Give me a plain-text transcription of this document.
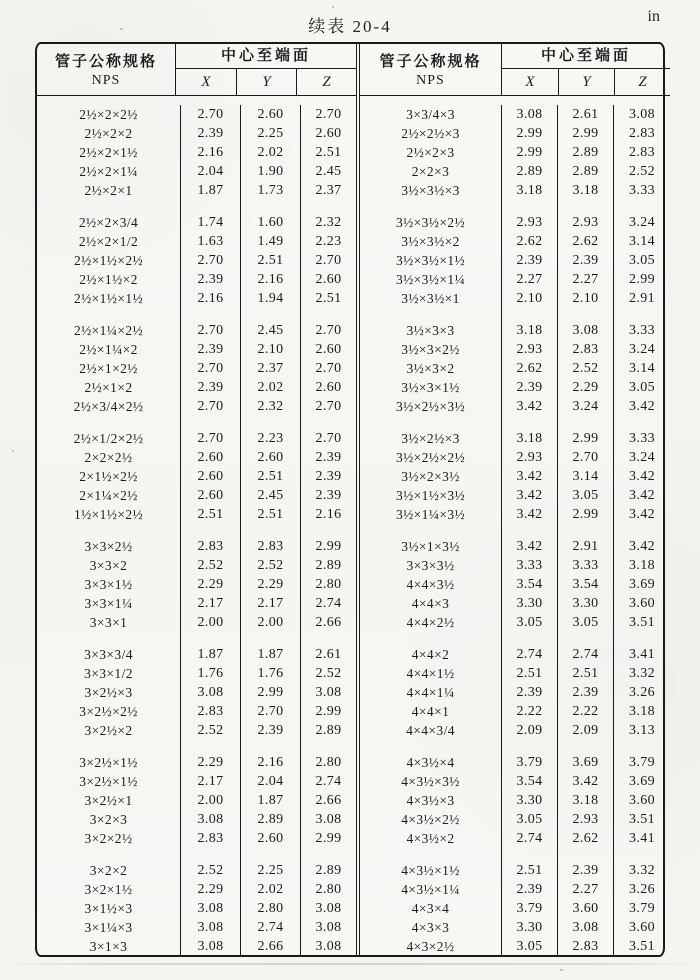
续表 20-4
in
管子公称规格
NPS
中心至端面
X	Y	Z
2½×2×2½	2.70	2.60	2.70
2½×2×2	2.39	2.25	2.60
2½×2×1½	2.16	2.02	2.51
2½×2×1¼	2.04	1.90	2.45
2½×2×1	1.87	1.73	2.37
2½×2×3/4	1.74	1.60	2.32
2½×2×1/2	1.63	1.49	2.23
2½×1½×2½	2.70	2.51	2.70
2½×1½×2	2.39	2.16	2.60
2½×1½×1½	2.16	1.94	2.51
2½×1¼×2½	2.70	2.45	2.70
2½×1¼×2	2.39	2.10	2.60
2½×1×2½	2.70	2.37	2.70
2½×1×2	2.39	2.02	2.60
2½×3/4×2½	2.70	2.32	2.70
2½×1/2×2½	2.70	2.23	2.70
2×2×2½	2.60	2.60	2.39
2×1½×2½	2.60	2.51	2.39
2×1¼×2½	2.60	2.45	2.39
1½×1½×2½	2.51	2.51	2.16
3×3×2½	2.83	2.83	2.99
3×3×2	2.52	2.52	2.89
3×3×1½	2.29	2.29	2.80
3×3×1¼	2.17	2.17	2.74
3×3×1	2.00	2.00	2.66
3×3×3/4	1.87	1.87	2.61
3×3×1/2	1.76	1.76	2.52
3×2½×3	3.08	2.99	3.08
3×2½×2½	2.83	2.70	2.99
3×2½×2	2.52	2.39	2.89
3×2½×1½	2.29	2.16	2.80
3×2½×1½	2.17	2.04	2.74
3×2½×1	2.00	1.87	2.66
3×2×3	3.08	2.89	3.08
3×2×2½	2.83	2.60	2.99
3×2×2	2.52	2.25	2.89
3×2×1½	2.29	2.02	2.80
3×1½×3	3.08	2.80	3.08
3×1¼×3	3.08	2.74	3.08
3×1×3	3.08	2.66	3.08
管子公称规格
NPS
中心至端面
X	Y	Z
3×3/4×3	3.08	2.61	3.08
2½×2½×3	2.99	2.99	2.83
2½×2×3	2.99	2.89	2.83
2×2×3	2.89	2.89	2.52
3½×3½×3	3.18	3.18	3.33
3½×3½×2½	2.93	2.93	3.24
3½×3½×2	2.62	2.62	3.14
3½×3½×1½	2.39	2.39	3.05
3½×3½×1¼	2.27	2.27	2.99
3½×3½×1	2.10	2.10	2.91
3½×3×3	3.18	3.08	3.33
3½×3×2½	2.93	2.83	3.24
3½×3×2	2.62	2.52	3.14
3½×3×1½	2.39	2.29	3.05
3½×2½×3½	3.42	3.24	3.42
3½×2½×3	3.18	2.99	3.33
3½×2½×2½	2.93	2.70	3.24
3½×2×3½	3.42	3.14	3.42
3½×1½×3½	3.42	3.05	3.42
3½×1¼×3½	3.42	2.99	3.42
3½×1×3½	3.42	2.91	3.42
3×3×3½	3.33	3.33	3.18
4×4×3½	3.54	3.54	3.69
4×4×3	3.30	3.30	3.60
4×4×2½	3.05	3.05	3.51
4×4×2	2.74	2.74	3.41
4×4×1½	2.51	2.51	3.32
4×4×1¼	2.39	2.39	3.26
4×4×1	2.22	2.22	3.18
4×4×3/4	2.09	2.09	3.13
4×3½×4	3.79	3.69	3.79
4×3½×3½	3.54	3.42	3.69
4×3½×3	3.30	3.18	3.60
4×3½×2½	3.05	2.93	3.51
4×3½×2	2.74	2.62	3.41
4×3½×1½	2.51	2.39	3.32
4×3½×1¼	2.39	2.27	3.26
4×3×4	3.79	3.60	3.79
4×3×3	3.30	3.08	3.60
4×3×2½	3.05	2.83	3.51
